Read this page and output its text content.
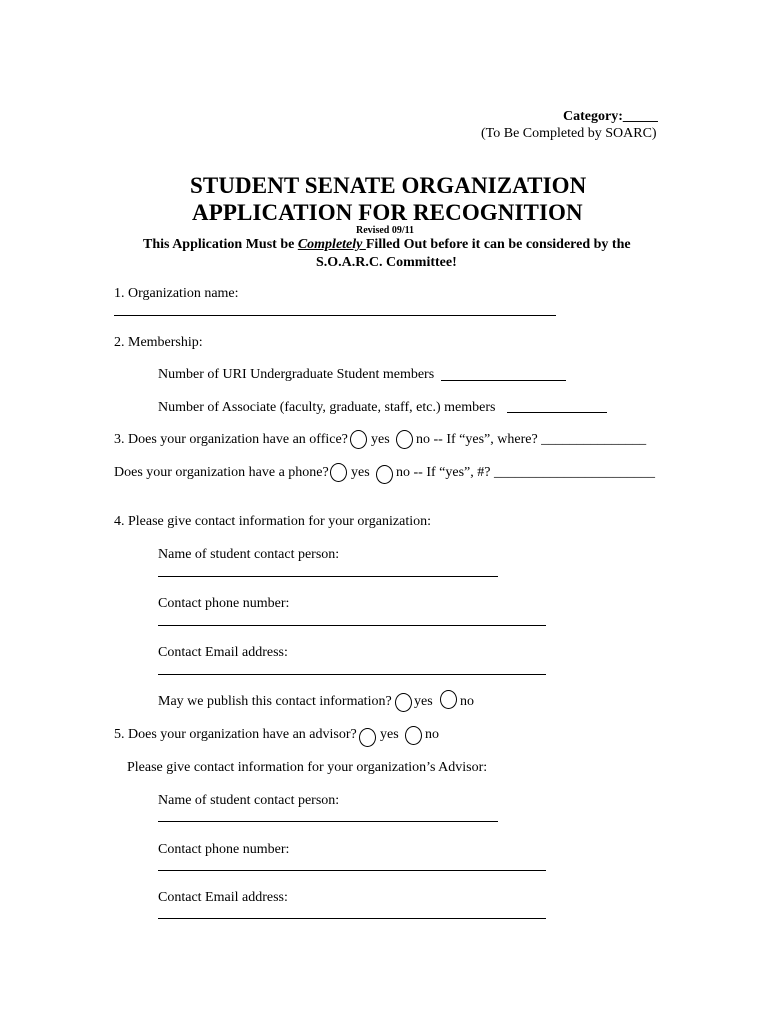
Category:_____
(To Be Completed by SOARC)
STUDENT SENATE ORGANIZATION
APPLICATION FOR RECOGNITION
Revised 09/11
This Application Must be Completely Filled Out before it can be considered by the
S.O.A.R.C. Committee!
1. Organization name:
2. Membership:
Number of URI Undergraduate Student members
Number of Associate (faculty, graduate, staff, etc.) members
3. Does your organization have an office? yes no -- If “yes”, where? _______________
Does your organization have a phone? yes no -- If “yes”, #? _______________________
4. Please give contact information for your organization:
Name of student contact person:
Contact phone number:
Contact Email address:
May we publish this contact information? yes no
5. Does your organization have an advisor? yes no
Please give contact information for your organization’s Advisor:
Name of student contact person:
Contact phone number:
Contact Email address:
